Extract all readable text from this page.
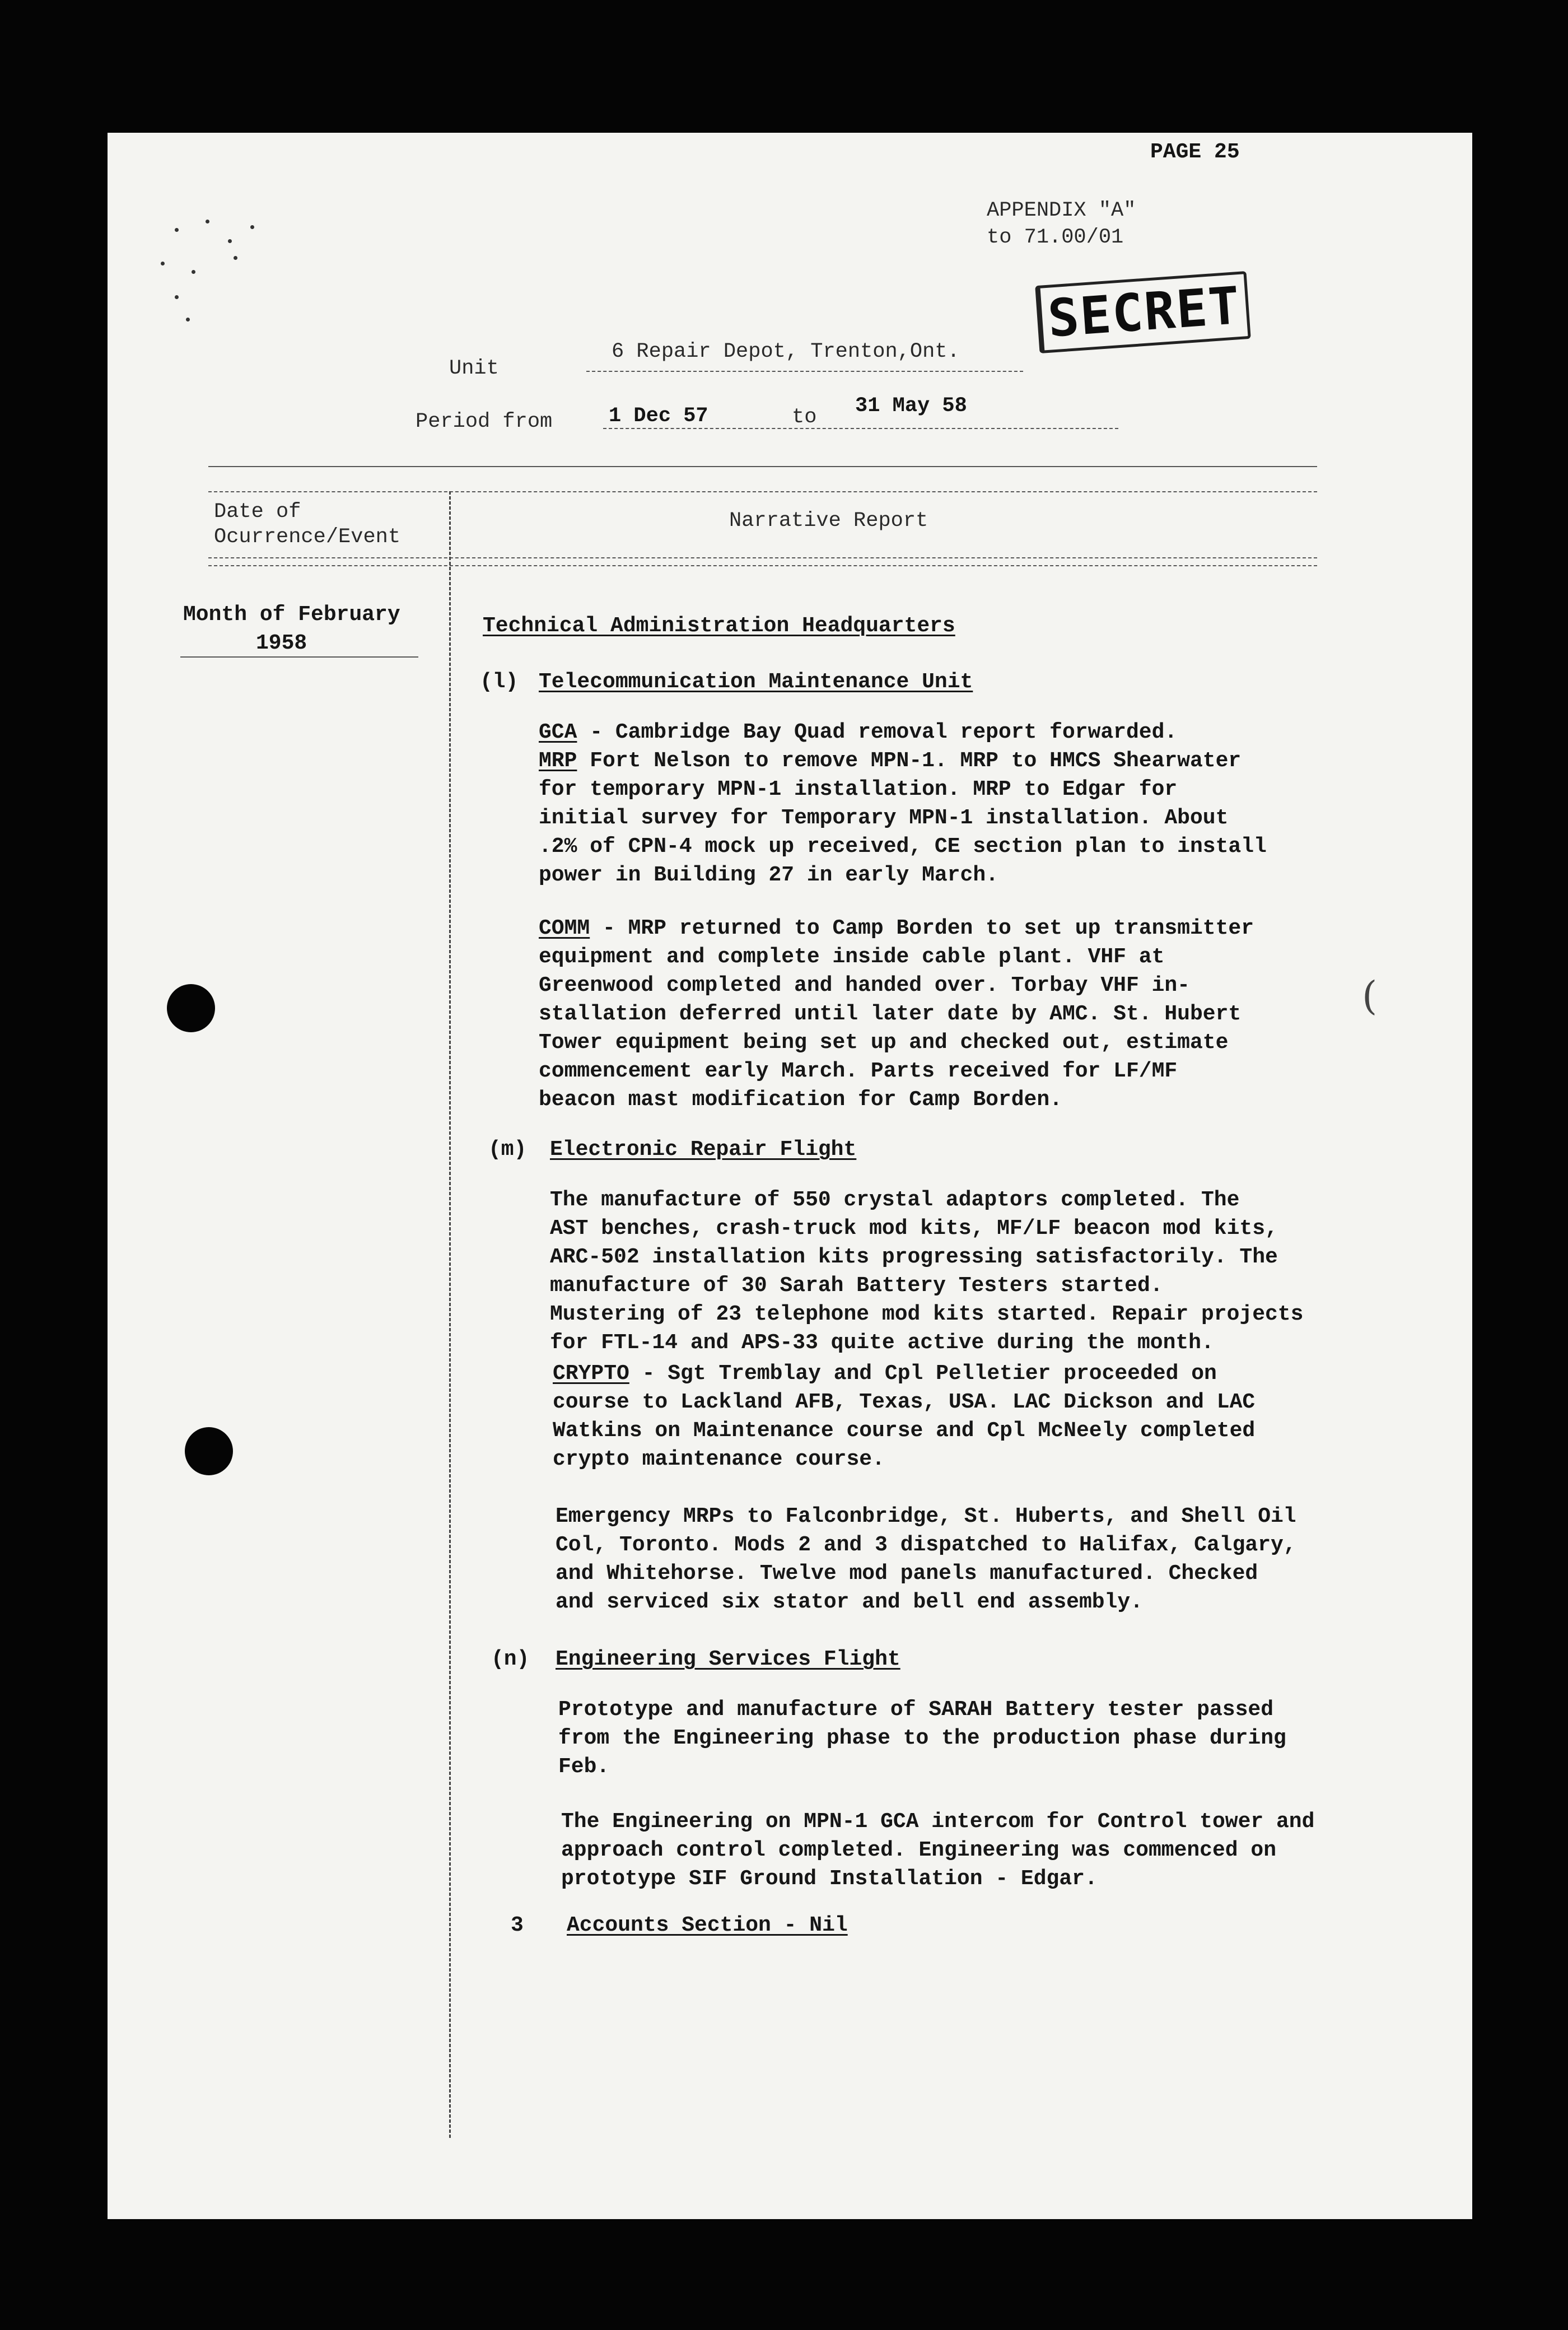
PAGE 25
APPENDIX "A"
to 71.00/01
SECRET
Unit
6 Repair Depot, Trenton,Ont.
Period from	1 Dec 57	to 31 May 58
Date of
Ocurrence/Event
Narrative Report
Month of February
1958
Technical Administration Headquarters
(l) Telecommunication Maintenance Unit
GCA - Cambridge Bay Quad removal report forwarded.
MRP Fort Nelson to remove MPN-1. MRP to HMCS Shearwater
for temporary MPN-1 installation. MRP to Edgar for
initial survey for Temporary MPN-1 installation. About
.2% of CPN-4 mock up received, CE section plan to install
power in Building 27 in early March.
COMM - MRP returned to Camp Borden to set up transmitter
equipment and complete inside cable plant. VHF at
Greenwood completed and handed over. Torbay VHF in-
stallation deferred until later date by AMC. St. Hubert
Tower equipment being set up and checked out, estimate
commencement early March. Parts received for LF/MF
beacon mast modification for Camp Borden.
(
(m) Electronic Repair Flight
The manufacture of 550 crystal adaptors completed. The
AST benches, crash-truck mod kits, MF/LF beacon mod kits,
ARC-502 installation kits progressing satisfactorily. The
manufacture of 30 Sarah Battery Testers started.
Mustering of 23 telephone mod kits started. Repair projects
for FTL-14 and APS-33 quite active during the month.
CRYPTO - Sgt Tremblay and Cpl Pelletier proceeded on
course to Lackland AFB, Texas, USA. LAC Dickson and LAC
Watkins on Maintenance course and Cpl McNeely completed
crypto maintenance course.
Emergency MRPs to Falconbridge, St. Huberts, and Shell Oil
Col, Toronto. Mods 2 and 3 dispatched to Halifax, Calgary,
and Whitehorse. Twelve mod panels manufactured. Checked
and serviced six stator and bell end assembly.
(n) Engineering Services Flight
Prototype and manufacture of SARAH Battery tester passed
from the Engineering phase to the production phase during
Feb.
The Engineering on MPN-1 GCA intercom for Control tower and
approach control completed. Engineering was commenced on
prototype SIF Ground Installation - Edgar.
3 Accounts Section - Nil
